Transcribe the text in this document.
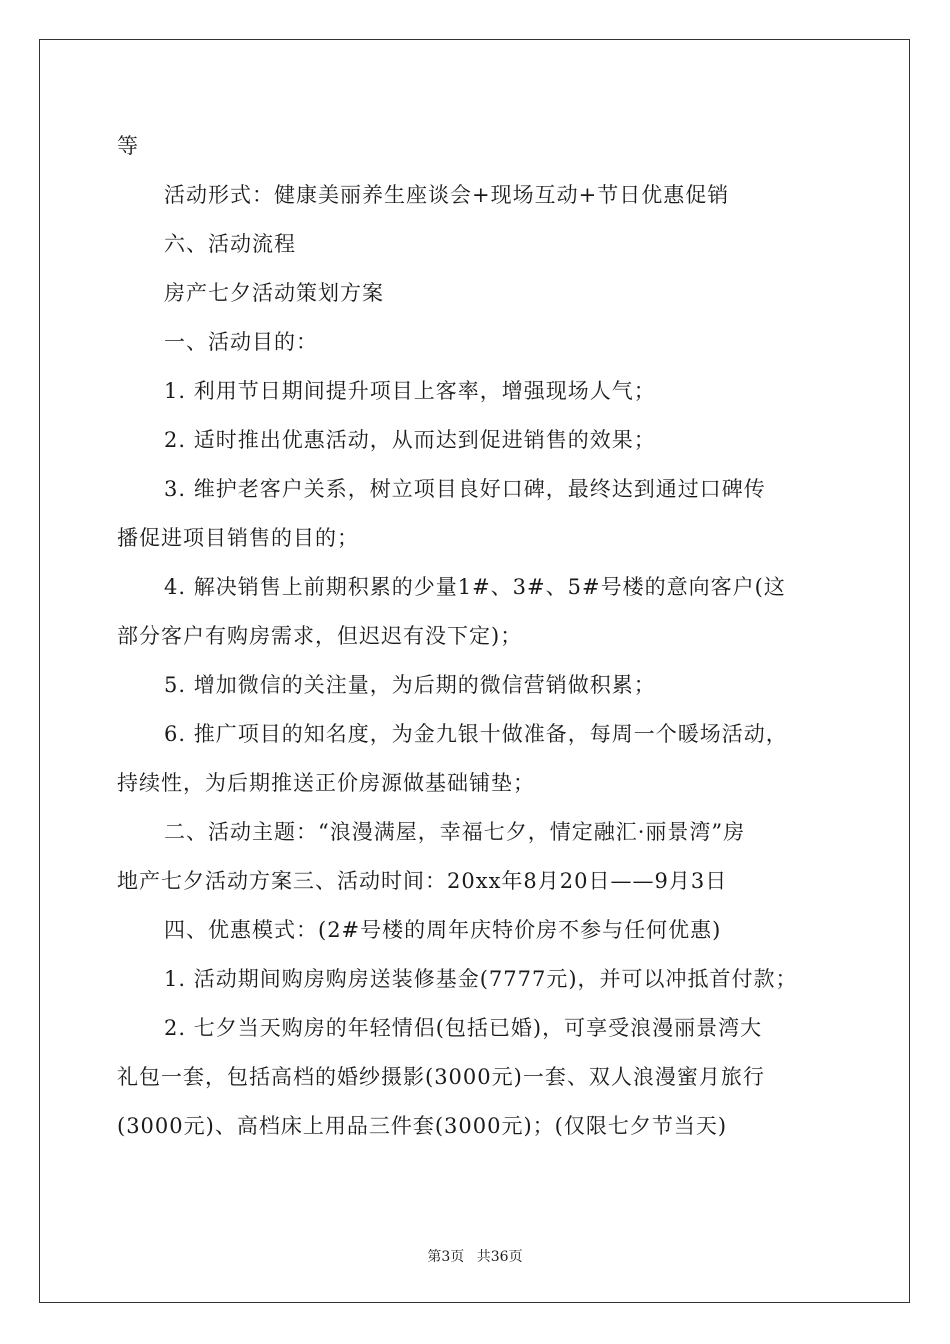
等
活动形式：健康美丽养生座谈会+现场互动+节日优惠促销
六、活动流程
房产七夕活动策划方案
一、活动目的：
1. 利用节日期间提升项目上客率，增强现场人气；
2. 适时推出优惠活动，从而达到促进销售的效果；
3. 维护老客户关系，树立项目良好口碑，最终达到通过口碑传
播促进项目销售的目的；
4. 解决销售上前期积累的少量1#、3#、5#号楼的意向客户(这
部分客户有购房需求，但迟迟有没下定)；
5. 增加微信的关注量，为后期的微信营销做积累；
6. 推广项目的知名度，为金九银十做准备，每周一个暖场活动，
持续性，为后期推送正价房源做基础铺垫；
二、活动主题：“浪漫满屋，幸福七夕，情定融汇·丽景湾”房
地产七夕活动方案三、活动时间：20xx年8月20日——9月3日
四、优惠模式：(2#号楼的周年庆特价房不参与任何优惠)
1. 活动期间购房购房送装修基金(7777元)，并可以冲抵首付款；
2. 七夕当天购房的年轻情侣(包括已婚)，可享受浪漫丽景湾大
礼包一套，包括高档的婚纱摄影(3000元)一套、双人浪漫蜜月旅行
(3000元)、高档床上用品三件套(3000元)；(仅限七夕节当天)
第3页 共36页
